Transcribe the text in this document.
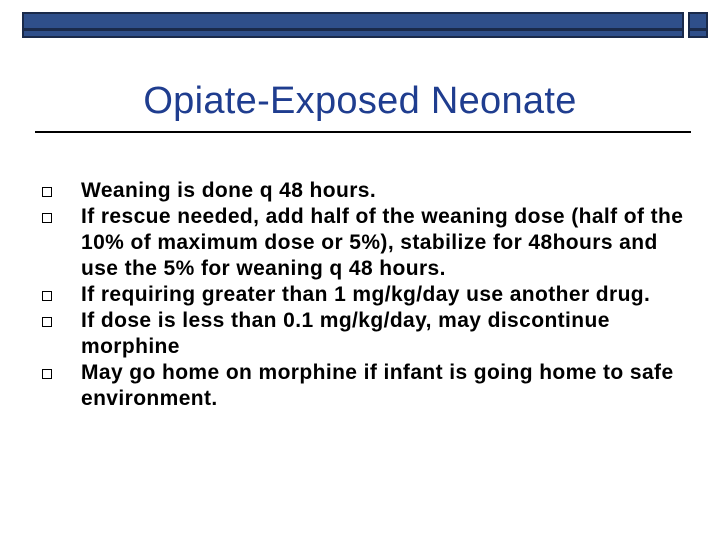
Opiate-Exposed Neonate
Weaning is done q 48 hours.
If rescue needed, add half of the weaning dose (half of the 10% of maximum dose or 5%), stabilize for 48hours and use the 5% for weaning q 48 hours.
If requiring greater than 1 mg/kg/day use another drug.
If dose is less than 0.1 mg/kg/day, may discontinue morphine
May go home on morphine if infant is going home to safe environment.
